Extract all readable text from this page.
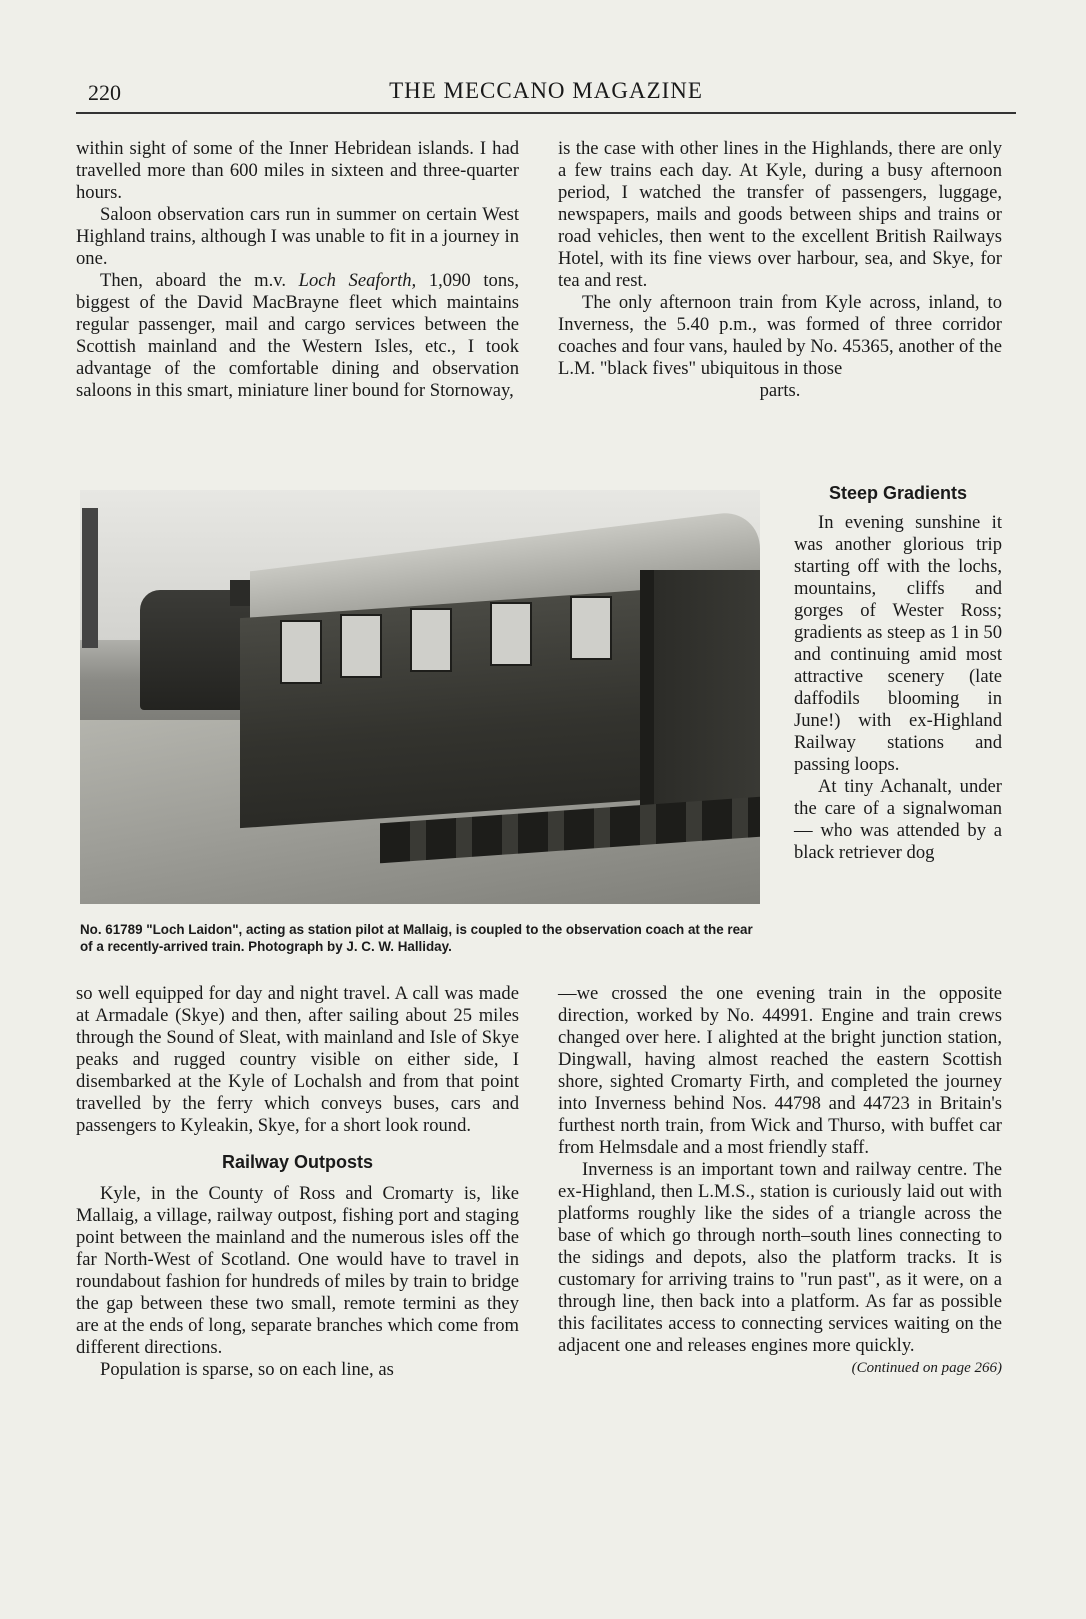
220	THE MECCANO MAGAZINE

within sight of some of the Inner Hebridean islands. I had travelled more than 600 miles in sixteen and three-quarter hours.

Saloon observation cars run in summer on certain West Highland trains, although I was unable to fit in a journey in one.

Then, aboard the m.v. Loch Seaforth, 1,090 tons, biggest of the David MacBrayne fleet which maintains regular passenger, mail and cargo services between the Scottish mainland and the Western Isles, etc., I took advantage of the comfortable dining and observation saloons in this smart, miniature liner bound for Stornoway,

is the case with other lines in the Highlands, there are only a few trains each day. At Kyle, during a busy afternoon period, I watched the transfer of passengers, luggage, newspapers, mails and goods between ships and trains or road vehicles, then went to the excellent British Railways Hotel, with its fine views over harbour, sea, and Skye, for tea and rest.

The only afternoon train from Kyle across, inland, to Inverness, the 5.40 p.m., was formed of three corridor coaches and four vans, hauled by No. 45365, another of the L.M. "black fives" ubiquitous in those

parts.

Steep Gradients

In evening sunshine it was another glorious trip starting off with the lochs, mountains, cliffs and gorges of Wester Ross; gradients as steep as 1 in 50 and continuing amid most attractive scenery (late daffodils blooming in June!) with ex-Highland Railway stations and passing loops.

At tiny Achanalt, under the care of a signalwoman — who was attended by a black retriever dog

No. 61789 "Loch Laidon", acting as station pilot at Mallaig, is coupled to the observation coach at the rear of a recently-arrived train. Photograph by J. C. W. Halliday.

so well equipped for day and night travel. A call was made at Armadale (Skye) and then, after sailing about 25 miles through the Sound of Sleat, with mainland and Isle of Skye peaks and rugged country visible on either side, I disembarked at the Kyle of Lochalsh and from that point travelled by the ferry which conveys buses, cars and passengers to Kyleakin, Skye, for a short look round.

Railway Outposts

Kyle, in the County of Ross and Cromarty is, like Mallaig, a village, railway outpost, fishing port and staging point between the mainland and the numerous isles off the far North-West of Scotland. One would have to travel in roundabout fashion for hundreds of miles by train to bridge the gap between these two small, remote termini as they are at the ends of long, separate branches which come from different directions.

Population is sparse, so on each line, as

—we crossed the one evening train in the opposite direction, worked by No. 44991. Engine and train crews changed over here. I alighted at the bright junction station, Dingwall, having almost reached the eastern Scottish shore, sighted Cromarty Firth, and completed the journey into Inverness behind Nos. 44798 and 44723 in Britain's furthest north train, from Wick and Thurso, with buffet car from Helmsdale and a most friendly staff.

Inverness is an important town and railway centre. The ex-Highland, then L.M.S., station is curiously laid out with platforms roughly like the sides of a triangle across the base of which go through north–south lines connecting to the sidings and depots, also the platform tracks. It is customary for arriving trains to "run past", as it were, on a through line, then back into a platform. As far as possible this facilitates access to connecting services waiting on the adjacent one and releases engines more quickly.

(Continued on page 266)
